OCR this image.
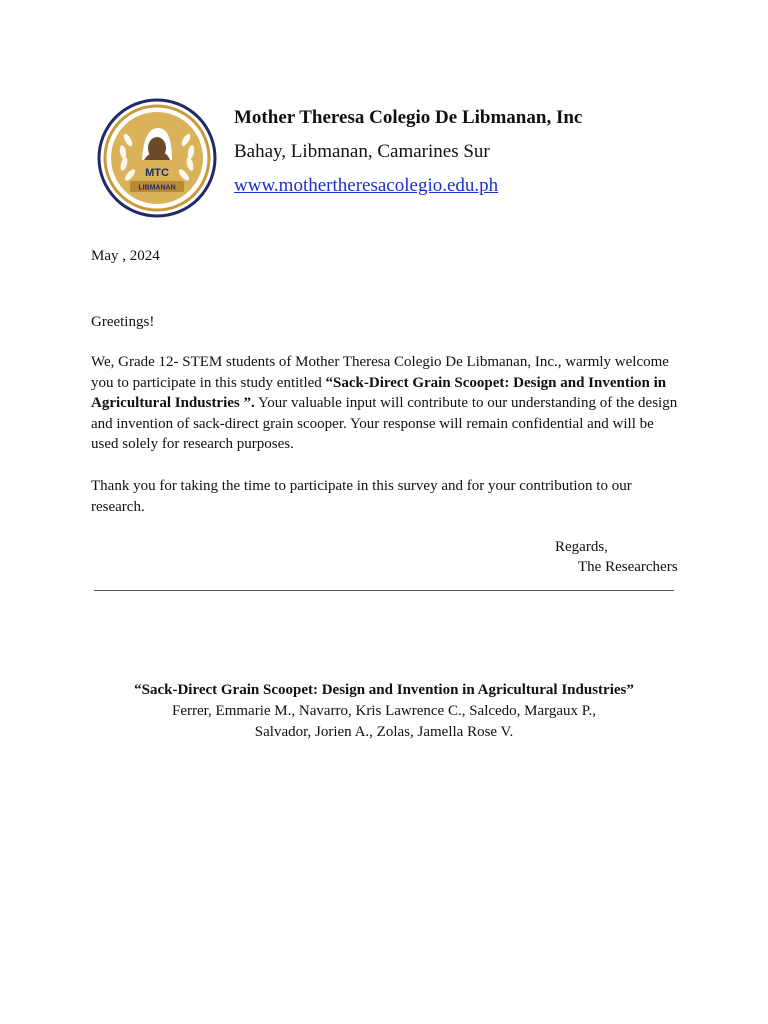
MTC
LIBMANAN
Mother Theresa Colegio De Libmanan, Inc
Bahay, Libmanan, Camarines Sur
www.mothertheresacolegio.edu.ph
May , 2024
Greetings!
We, Grade 12- STEM students of Mother Theresa Colegio De Libmanan, Inc., warmly welcome you to participate in this study entitled “Sack-Direct Grain Scoopet: Design and Invention in Agricultural Industries ”. Your valuable input will contribute to our understanding of the design and invention of sack-direct grain scooper. Your response will remain confidential and will be used solely for research purposes.
Thank you for taking the time to participate in this survey and for your contribution to our research.
Regards,
The Researchers
“Sack-Direct Grain Scoopet: Design and Invention in Agricultural Industries”
Ferrer, Emmarie M., Navarro, Kris Lawrence C., Salcedo, Margaux P.,
Salvador, Jorien A., Zolas, Jamella Rose V.
